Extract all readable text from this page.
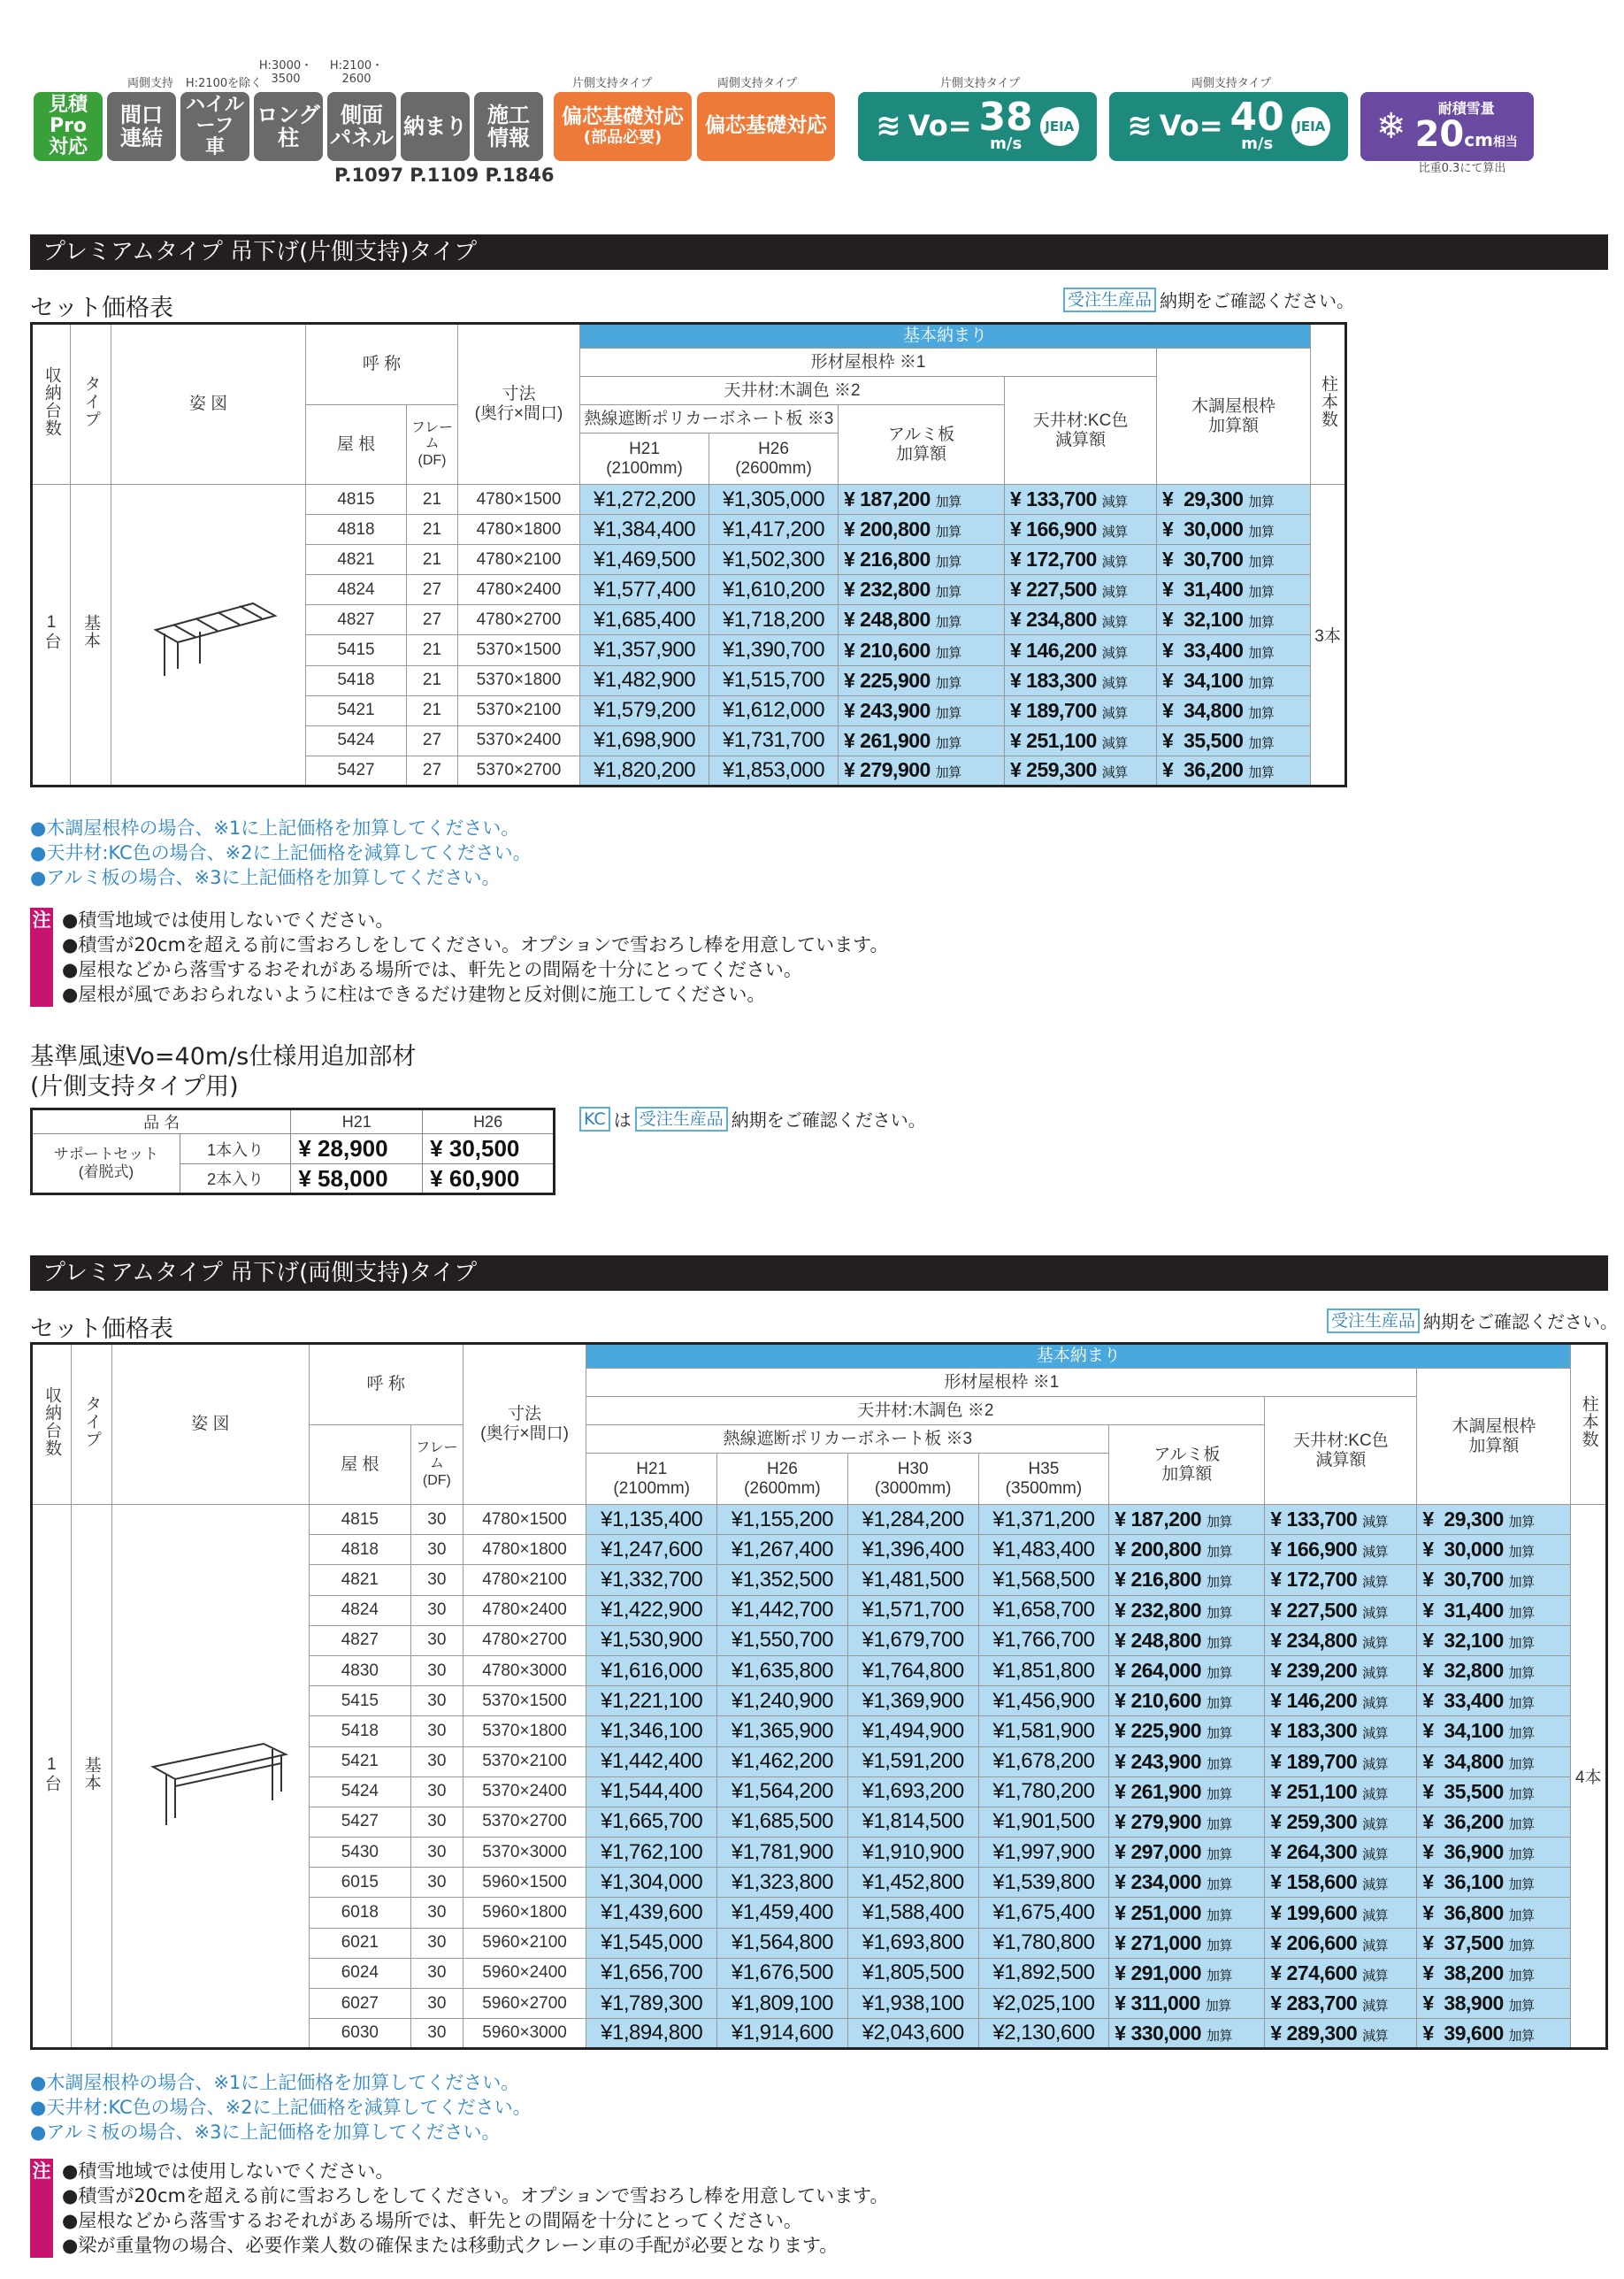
両側支持	H:2100を除く
H:3000・
3500
H:2100・
2600	片側支持タイプ	両側支持タイプ	片側支持タイプ	両側支持タイプ
見積Pro
対応
間口
連結
ハイルーフ
車
ロング
柱
側面
パネル 納まり 施工
情報
偏芯基礎対応
(部品必要)	偏芯基礎対応 ≋ Vo= 38
m/s
JEIA ≋ Vo= 40
m/s
JEIA ❄ 耐積雪量
20cm相当
比重0.3にて算出
P.1097 P.1109 P.1846
プレミアムタイプ 吊下げ(片側支持)タイプ
セット価格表	受注生産品 納期をご確認ください。
収納台数	タイプ	姿 図	呼 称		寸法
(奥行×間口)	基本納まり					柱本数
						形材屋根枠 ※1				木調屋根枠
加算額	
						天井材:木調色 ※2			天井材:KC色
減算額		
			屋 根	フレーム
(DF)		熱線遮断ポリカーボネート板 ※3		アルミ板
加算額			
						H21
(2100mm)	H26
(2600mm)				
1台	基本		4815	21	4780×1500	¥1,272,200	¥1,305,000	¥ 187,200 加算	¥ 133,700 減算	¥  29,300 加算	3本
			4818	21	4780×1800	¥1,384,400	¥1,417,200	¥ 200,800 加算	¥ 166,900 減算	¥  30,000 加算	
			4821	21	4780×2100	¥1,469,500	¥1,502,300	¥ 216,800 加算	¥ 172,700 減算	¥  30,700 加算	
			4824	27	4780×2400	¥1,577,400	¥1,610,200	¥ 232,800 加算	¥ 227,500 減算	¥  31,400 加算	
			4827	27	4780×2700	¥1,685,400	¥1,718,200	¥ 248,800 加算	¥ 234,800 減算	¥  32,100 加算	
			5415	21	5370×1500	¥1,357,900	¥1,390,700	¥ 210,600 加算	¥ 146,200 減算	¥  33,400 加算	
			5418	21	5370×1800	¥1,482,900	¥1,515,700	¥ 225,900 加算	¥ 183,300 減算	¥  34,100 加算	
			5421	21	5370×2100	¥1,579,200	¥1,612,000	¥ 243,900 加算	¥ 189,700 減算	¥  34,800 加算	
			5424	27	5370×2400	¥1,698,900	¥1,731,700	¥ 261,900 加算	¥ 251,100 減算	¥  35,500 加算	
			5427	27	5370×2700	¥1,820,200	¥1,853,000	¥ 279,900 加算	¥ 259,300 減算	¥  36,200 加算	
●木調屋根枠の場合、※1に上記価格を加算してください。
●天井材:KC色の場合、※2に上記価格を減算してください。
●アルミ板の場合、※3に上記価格を加算してください。
注 ●積雪地域では使用しないでください。
●積雪が20cmを超える前に雪おろしをしてください。オプションで雪おろし棒を用意しています。
●屋根などから落雪するおそれがある場所では、軒先との間隔を十分にとってください。
●屋根が風であおられないように柱はできるだけ建物と反対側に施工してください。
基準風速Vo=40m/s仕様用追加部材
(片側支持タイプ用)
KC は 受注生産品 納期をご確認ください。
品 名		H21	H26
サポートセット
(着脱式)	1本入り	¥ 28,900	¥ 30,500
	2本入り	¥ 58,000	¥ 60,900
プレミアムタイプ 吊下げ(両側支持)タイプ
セット価格表	受注生産品 納期をご確認ください。
収納台数	タイプ	姿 図	呼 称		寸法
(奥行×間口)	基本納まり							柱本数
						形材屋根枠 ※1						木調屋根枠
加算額	
						天井材:木調色 ※2					天井材:KC色
減算額		
			屋 根	フレーム
(DF)		熱線遮断ポリカーボネート板 ※3				アルミ板
加算額			
						H21
(2100mm)	H26
(2600mm)	H30
(3000mm)	H35
(3500mm)				
1台	基本		4815	30	4780×1500	¥1,135,400	¥1,155,200	¥1,284,200	¥1,371,200	¥ 187,200 加算	¥ 133,700 減算	¥  29,300 加算	4本
			4818	30	4780×1800	¥1,247,600	¥1,267,400	¥1,396,400	¥1,483,400	¥ 200,800 加算	¥ 166,900 減算	¥  30,000 加算	
			4821	30	4780×2100	¥1,332,700	¥1,352,500	¥1,481,500	¥1,568,500	¥ 216,800 加算	¥ 172,700 減算	¥  30,700 加算	
			4824	30	4780×2400	¥1,422,900	¥1,442,700	¥1,571,700	¥1,658,700	¥ 232,800 加算	¥ 227,500 減算	¥  31,400 加算	
			4827	30	4780×2700	¥1,530,900	¥1,550,700	¥1,679,700	¥1,766,700	¥ 248,800 加算	¥ 234,800 減算	¥  32,100 加算	
			4830	30	4780×3000	¥1,616,000	¥1,635,800	¥1,764,800	¥1,851,800	¥ 264,000 加算	¥ 239,200 減算	¥  32,800 加算	
			5415	30	5370×1500	¥1,221,100	¥1,240,900	¥1,369,900	¥1,456,900	¥ 210,600 加算	¥ 146,200 減算	¥  33,400 加算	
			5418	30	5370×1800	¥1,346,100	¥1,365,900	¥1,494,900	¥1,581,900	¥ 225,900 加算	¥ 183,300 減算	¥  34,100 加算	
			5421	30	5370×2100	¥1,442,400	¥1,462,200	¥1,591,200	¥1,678,200	¥ 243,900 加算	¥ 189,700 減算	¥  34,800 加算	
			5424	30	5370×2400	¥1,544,400	¥1,564,200	¥1,693,200	¥1,780,200	¥ 261,900 加算	¥ 251,100 減算	¥  35,500 加算	
			5427	30	5370×2700	¥1,665,700	¥1,685,500	¥1,814,500	¥1,901,500	¥ 279,900 加算	¥ 259,300 減算	¥  36,200 加算	
			5430	30	5370×3000	¥1,762,100	¥1,781,900	¥1,910,900	¥1,997,900	¥ 297,000 加算	¥ 264,300 減算	¥  36,900 加算	
			6015	30	5960×1500	¥1,304,000	¥1,323,800	¥1,452,800	¥1,539,800	¥ 234,000 加算	¥ 158,600 減算	¥  36,100 加算	
			6018	30	5960×1800	¥1,439,600	¥1,459,400	¥1,588,400	¥1,675,400	¥ 251,000 加算	¥ 199,600 減算	¥  36,800 加算	
			6021	30	5960×2100	¥1,545,000	¥1,564,800	¥1,693,800	¥1,780,800	¥ 271,000 加算	¥ 206,600 減算	¥  37,500 加算	
			6024	30	5960×2400	¥1,656,700	¥1,676,500	¥1,805,500	¥1,892,500	¥ 291,000 加算	¥ 274,600 減算	¥  38,200 加算	
			6027	30	5960×2700	¥1,789,300	¥1,809,100	¥1,938,100	¥2,025,100	¥ 311,000 加算	¥ 283,700 減算	¥  38,900 加算	
			6030	30	5960×3000	¥1,894,800	¥1,914,600	¥2,043,600	¥2,130,600	¥ 330,000 加算	¥ 289,300 減算	¥  39,600 加算	
●木調屋根枠の場合、※1に上記価格を加算してください。
●天井材:KC色の場合、※2に上記価格を減算してください。
●アルミ板の場合、※3に上記価格を加算してください。
注 ●積雪地域では使用しないでください。
●積雪が20cmを超える前に雪おろしをしてください。オプションで雪おろし棒を用意しています。
●屋根などから落雪するおそれがある場所では、軒先との間隔を十分にとってください。
●梁が重量物の場合、必要作業人数の確保または移動式クレーン車の手配が必要となります。
